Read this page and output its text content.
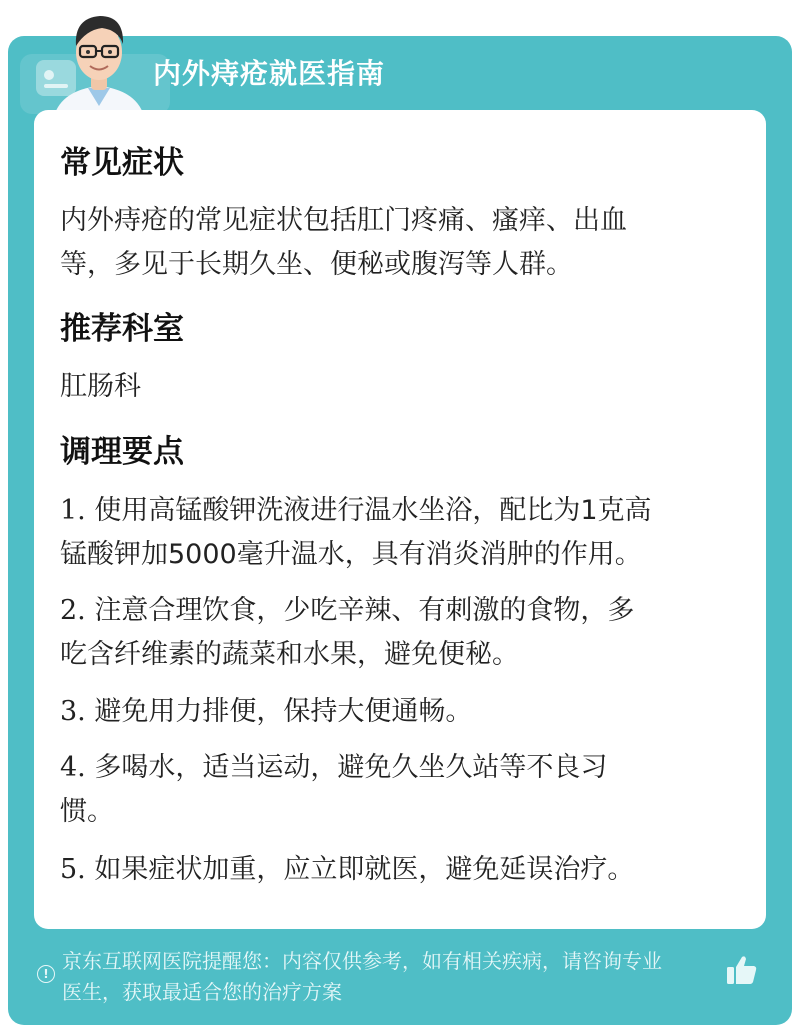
内外痔疮就医指南
常见症状
内外痔疮的常见症状包括肛门疼痛、瘙痒、出血
等，多见于长期久坐、便秘或腹泻等人群。
推荐科室
肛肠科
调理要点
1. 使用高锰酸钾洗液进行温水坐浴，配比为1克高
锰酸钾加5000毫升温水，具有消炎消肿的作用。
2. 注意合理饮食，少吃辛辣、有刺激的食物，多
吃含纤维素的蔬菜和水果，避免便秘。
3. 避免用力排便，保持大便通畅。
4. 多喝水，适当运动，避免久坐久站等不良习
惯。
5. 如果症状加重，应立即就医，避免延误治疗。
!
京东互联网医院提醒您：内容仅供参考，如有相关疾病，请咨询专业
医生，获取最适合您的治疗方案
